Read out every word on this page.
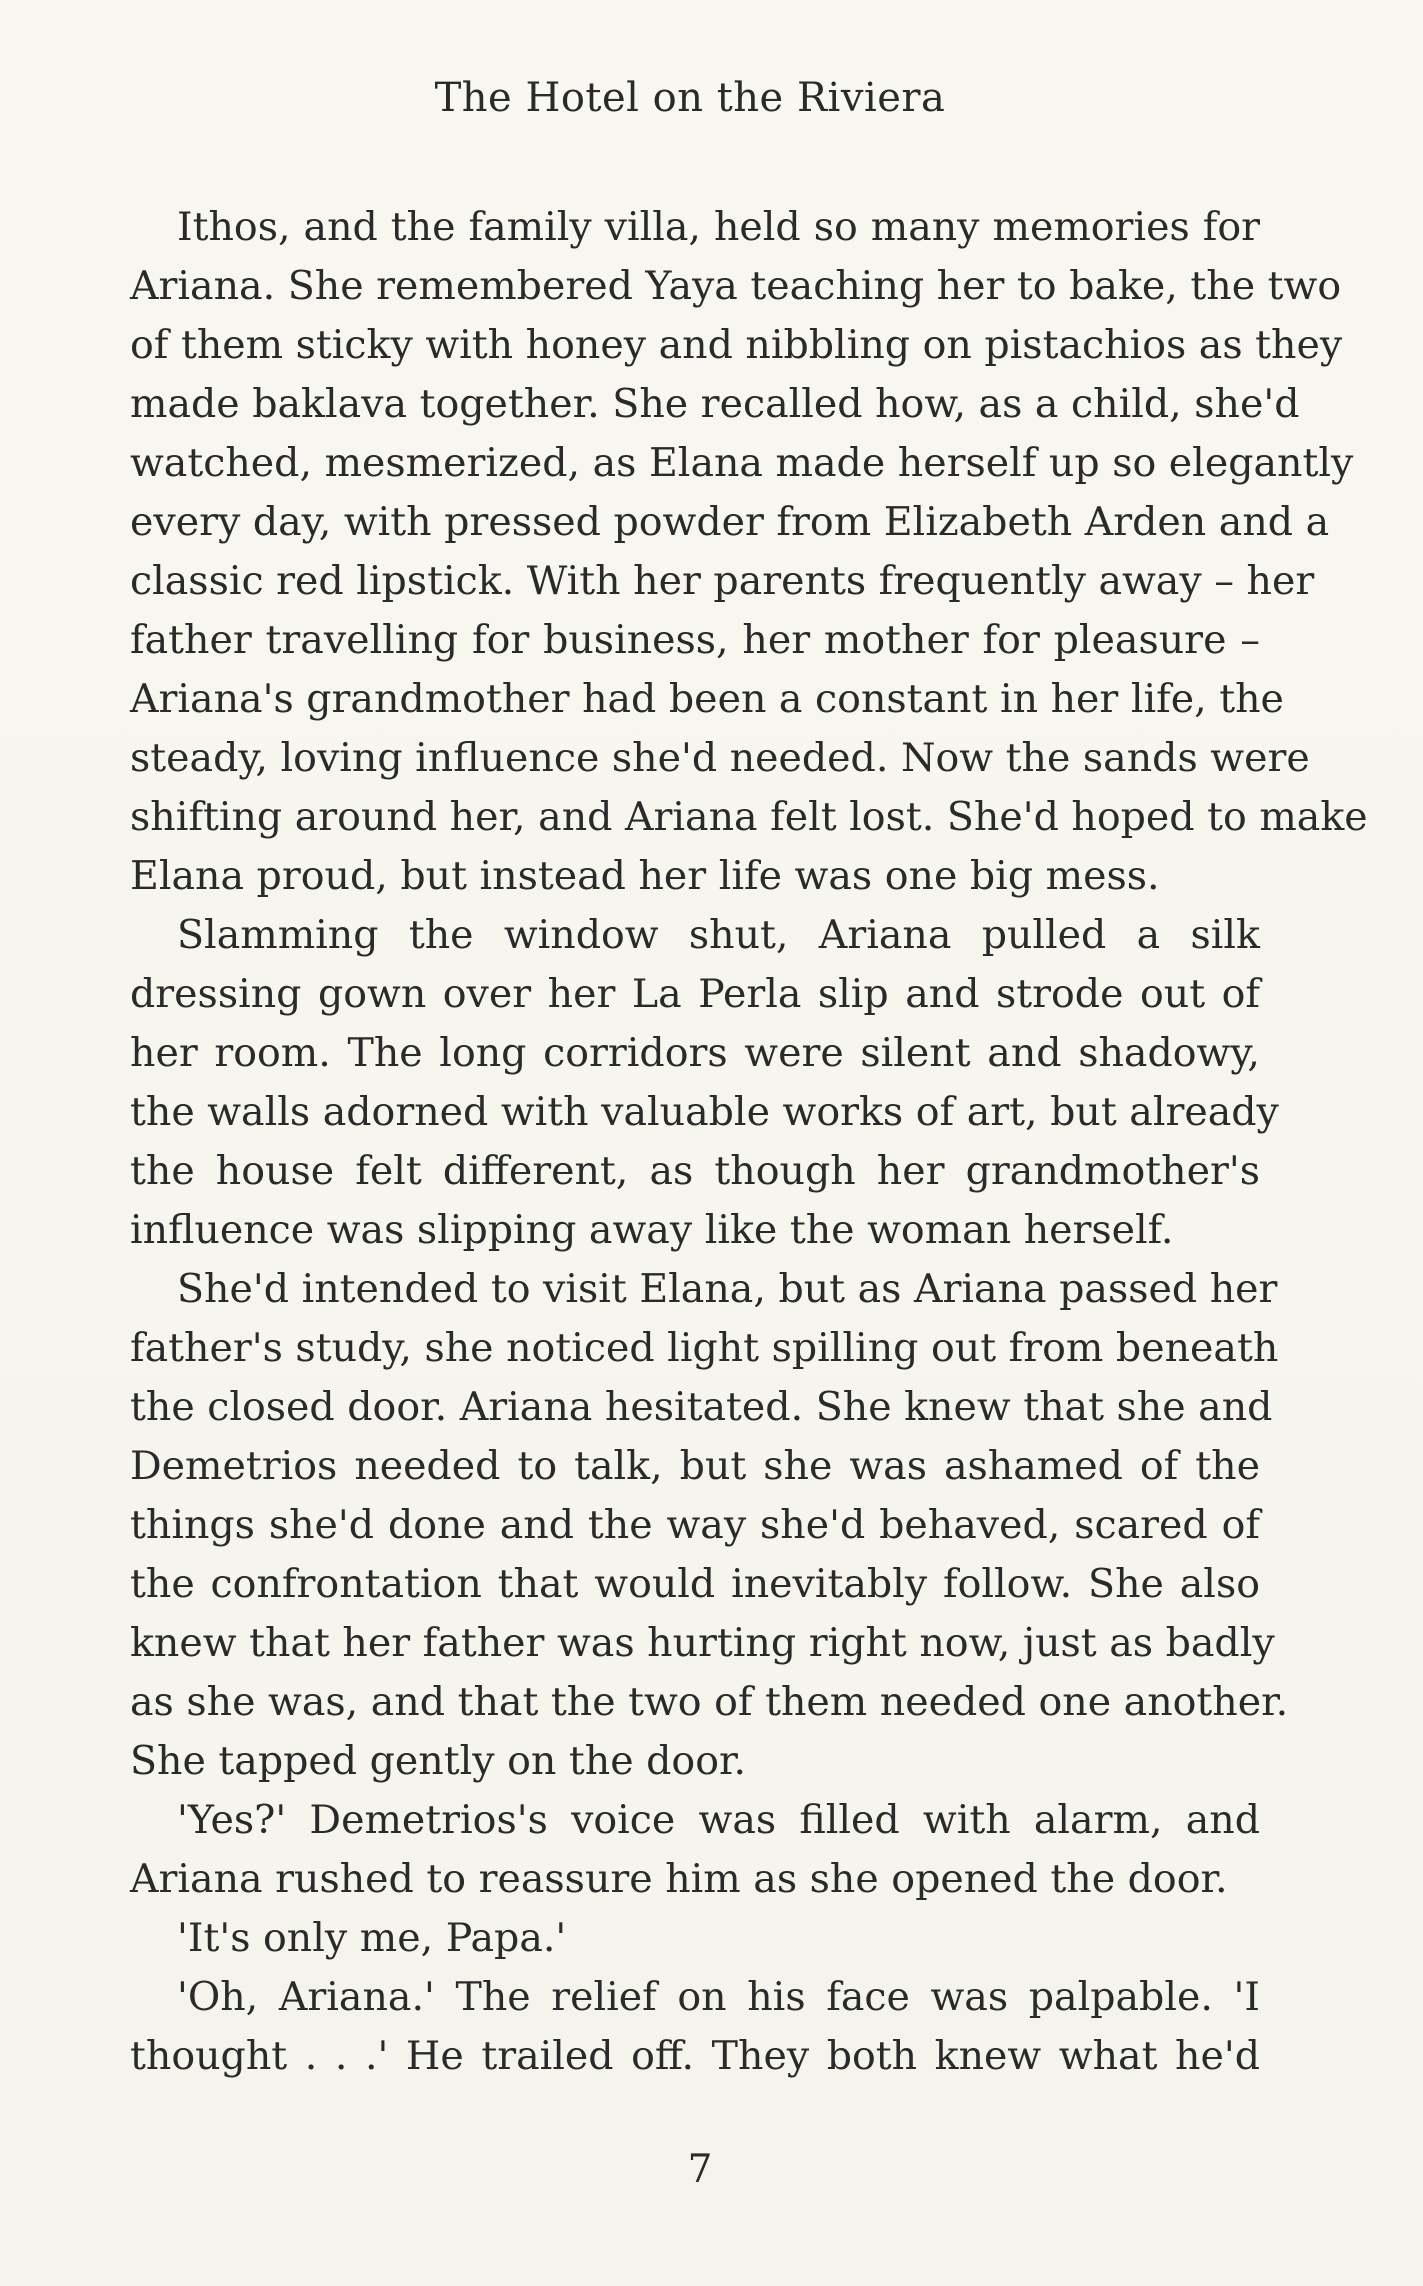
The Hotel on the Riviera
Ithos, and the family villa, held so many memories for
Ariana. She remembered Yaya teaching her to bake, the two
of them sticky with honey and nibbling on pistachios as they
made baklava together. She recalled how, as a child, she'd
watched, mesmerized, as Elana made herself up so elegantly
every day, with pressed powder from Elizabeth Arden and a
classic red lipstick. With her parents frequently away – her
father travelling for business, her mother for pleasure –
Ariana's grandmother had been a constant in her life, the
steady, loving influence she'd needed. Now the sands were
shifting around her, and Ariana felt lost. She'd hoped to make
Elana proud, but instead her life was one big mess.
Slamming the window shut, Ariana pulled a silk
dressing gown over her La Perla slip and strode out of
her room. The long corridors were silent and shadowy,
the walls adorned with valuable works of art, but already
the house felt different, as though her grandmother's
influence was slipping away like the woman herself.
She'd intended to visit Elana, but as Ariana passed her
father's study, she noticed light spilling out from beneath
the closed door. Ariana hesitated. She knew that she and
Demetrios needed to talk, but she was ashamed of the
things she'd done and the way she'd behaved, scared of
the confrontation that would inevitably follow. She also
knew that her father was hurting right now, just as badly
as she was, and that the two of them needed one another.
She tapped gently on the door.
'Yes?' Demetrios's voice was filled with alarm, and
Ariana rushed to reassure him as she opened the door.
'It's only me, Papa.'
'Oh, Ariana.' The relief on his face was palpable. 'I
thought . . .' He trailed off. They both knew what he'd
7
